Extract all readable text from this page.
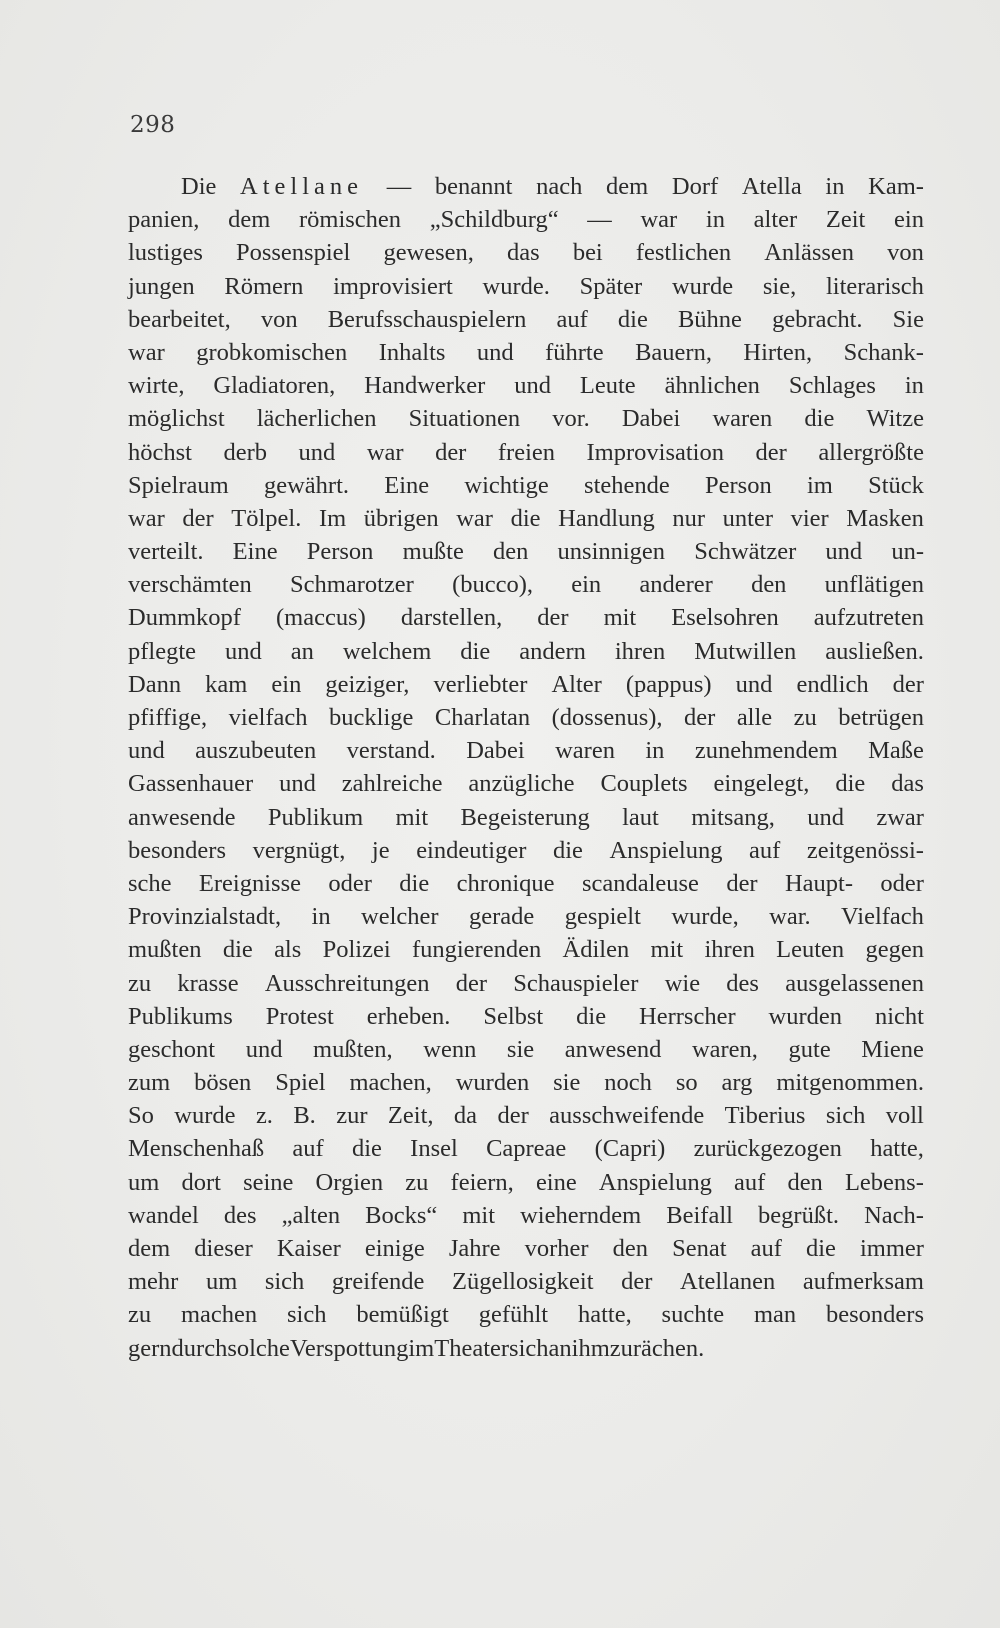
298
Die Atellane — benannt nach dem Dorf Atella in Kam-
panien, dem römischen „Schildburg“ — war in alter Zeit ein
lustiges Possenspiel gewesen, das bei festlichen Anlässen von
jungen Römern improvisiert wurde. Später wurde sie, literarisch
bearbeitet, von Berufsschauspielern auf die Bühne gebracht. Sie
war grobkomischen Inhalts und führte Bauern, Hirten, Schank-
wirte, Gladiatoren, Handwerker und Leute ähnlichen Schlages in
möglichst lächerlichen Situationen vor. Dabei waren die Witze
höchst derb und war der freien Improvisation der allergrößte
Spielraum gewährt. Eine wichtige stehende Person im Stück
war der Tölpel. Im übrigen war die Handlung nur unter vier Masken
verteilt. Eine Person mußte den unsinnigen Schwätzer und un-
verschämten Schmarotzer (bucco), ein anderer den unflätigen
Dummkopf (maccus) darstellen, der mit Eselsohren aufzutreten
pflegte und an welchem die andern ihren Mutwillen ausließen.
Dann kam ein geiziger, verliebter Alter (pappus) und endlich der
pfiffige, vielfach bucklige Charlatan (dossenus), der alle zu betrügen
und auszubeuten verstand. Dabei waren in zunehmendem Maße
Gassenhauer und zahlreiche anzügliche Couplets eingelegt, die das
anwesende Publikum mit Begeisterung laut mitsang, und zwar
besonders vergnügt, je eindeutiger die Anspielung auf zeitgenössi-
sche Ereignisse oder die chronique scandaleuse der Haupt- oder
Provinzialstadt, in welcher gerade gespielt wurde, war. Vielfach
mußten die als Polizei fungierenden Ädilen mit ihren Leuten gegen
zu krasse Ausschreitungen der Schauspieler wie des ausgelassenen
Publikums Protest erheben. Selbst die Herrscher wurden nicht
geschont und mußten, wenn sie anwesend waren, gute Miene
zum bösen Spiel machen, wurden sie noch so arg mitgenommen.
So wurde z. B. zur Zeit, da der ausschweifende Tiberius sich voll
Menschenhaß auf die Insel Capreae (Capri) zurückgezogen hatte,
um dort seine Orgien zu feiern, eine Anspielung auf den Lebens-
wandel des „alten Bocks“ mit wieherndem Beifall begrüßt. Nach-
dem dieser Kaiser einige Jahre vorher den Senat auf die immer
mehr um sich greifende Zügellosigkeit der Atellanen aufmerksam
zu machen sich bemüßigt gefühlt hatte, suchte man besonders
gern durch solche Verspottung im Theater sich an ihm zu rächen.
